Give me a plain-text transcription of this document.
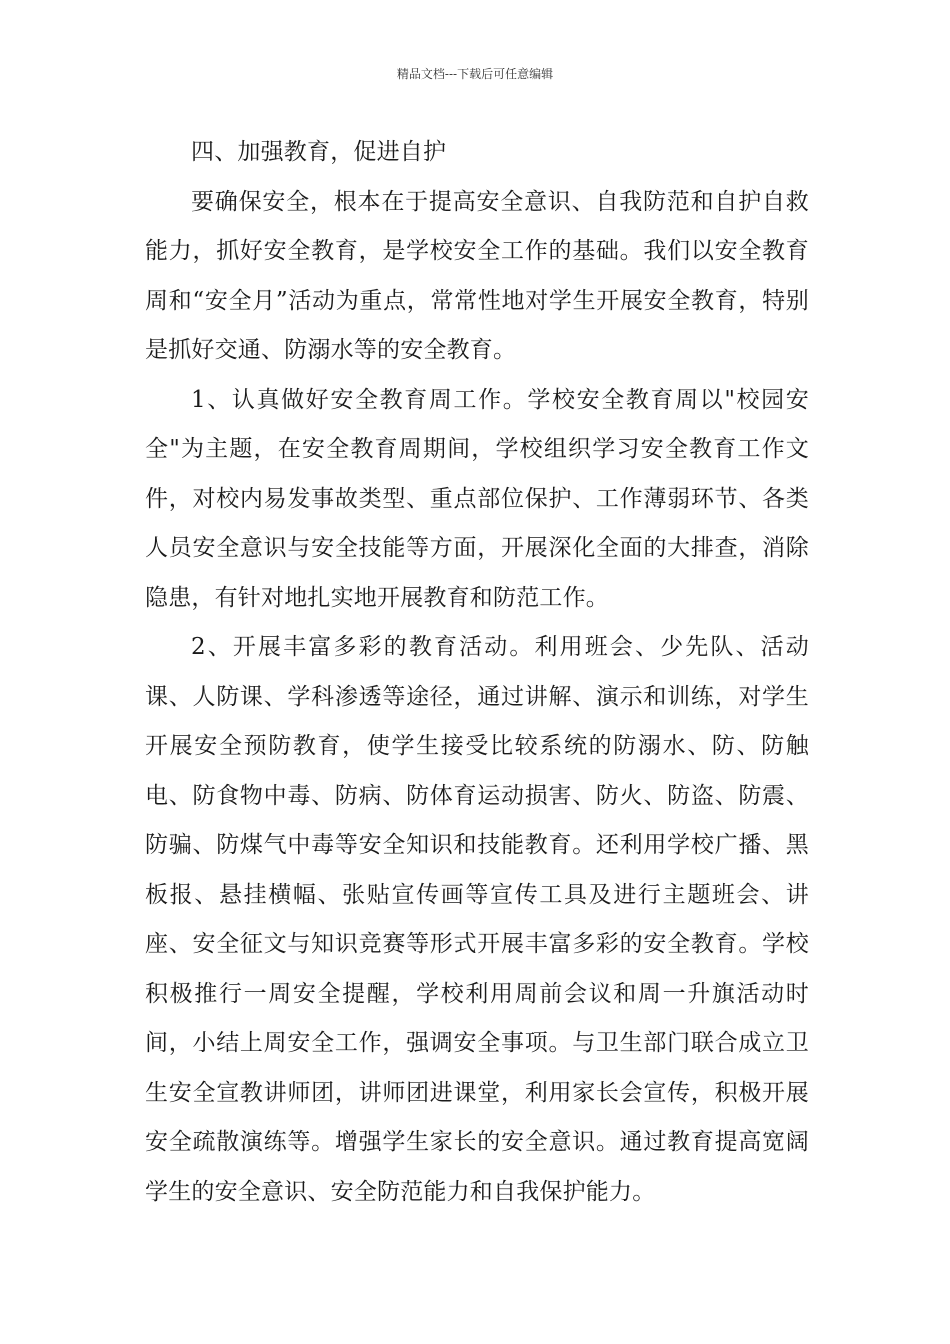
精品文档---下载后可任意编辑

四、加强教育，促进自护

要确保安全，根本在于提高安全意识、自我防范和自护自救能力，抓好安全教育，是学校安全工作的基础。我们以安全教育周和“安全月”活动为重点，常常性地对学生开展安全教育，特别是抓好交通、防溺水等的安全教育。

1、认真做好安全教育周工作。学校安全教育周以"校园安全"为主题，在安全教育周期间，学校组织学习安全教育工作文件，对校内易发事故类型、重点部位保护、工作薄弱环节、各类人员安全意识与安全技能等方面，开展深化全面的大排查，消除隐患，有针对地扎实地开展教育和防范工作。

2、开展丰富多彩的教育活动。利用班会、少先队、活动课、人防课、学科渗透等途径，通过讲解、演示和训练，对学生开展安全预防教育，使学生接受比较系统的防溺水、防、防触电、防食物中毒、防病、防体育运动损害、防火、防盗、防震、防骗、防煤气中毒等安全知识和技能教育。还利用学校广播、黑板报、悬挂横幅、张贴宣传画等宣传工具及进行主题班会、讲座、安全征文与知识竞赛等形式开展丰富多彩的安全教育。学校积极推行一周安全提醒，学校利用周前会议和周一升旗活动时间，小结上周安全工作，强调安全事项。与卫生部门联合成立卫生安全宣教讲师团，讲师团进课堂，利用家长会宣传，积极开展安全疏散演练等。增强学生家长的安全意识。通过教育提高宽阔学生的安全意识、安全防范能力和自我保护能力。
